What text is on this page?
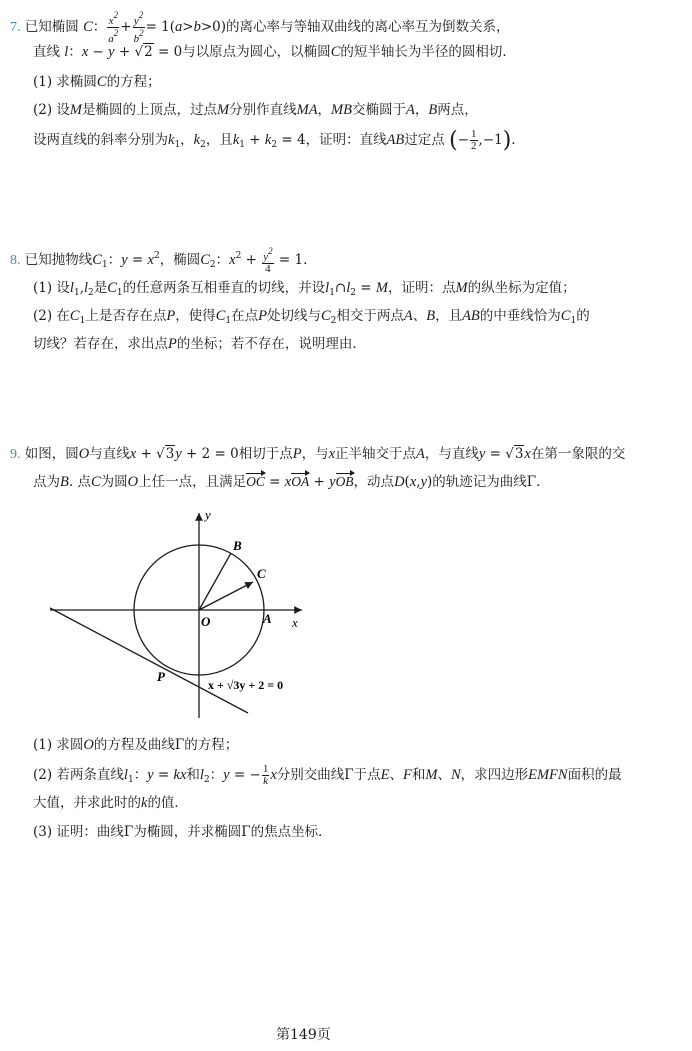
7. 已知椭圆 C： $\frac{x^2}{a^2} + \frac{y^2}{b^2} = 1(a>b>0)$的离心率与等轴双曲线的离心率互为倒数关系，
直线 l：x − y + √2 = 0与以原点为圆心，以椭圆C的短半轴长为半径的圆相切．
(1) 求椭圆C的方程；
(2) 设M是椭圆的上顶点，过点M分别作直线MA，MB交椭圆于A，B两点，
设两直线的斜率分别为$k_1$，$k_2$，且$k_1 + k_2 = 4$，证明：直线AB过定点 (− $\frac{1}{2} ,-1$).
8. 已知抛物线$C_1$：$y = x^2$，椭圆$C_2$：$x^2 + \frac{y^2}{4} = 1$.
(1) 设$l_1,l_2$是$C_1$的任意两条互相垂直的切线，并设$l_1\cap l_2 = M$，证明：点M的纵坐标为定值；
(2) 在$C_1$上是否存在点P，使得$C_1$在点P处切线与$C_2$相交于两点A、B，且AB的中垂线恰为$C_1$的
切线？若存在，求出点P的坐标；若不存在，说明理由．
9. 如图，圆O与直线x + √3y + 2 = 0相切于点P，与x正半轴交于点A，与直线y = √3x在第一象限的交
点为B. 点C为圆O上任一点，且满足OC = xOA + yOB，动点D(x,y)的轨迹记为曲线Γ．
y
x
O	A
B
C
P
x + √3y + 2 = 0
(1) 求圆O的方程及曲线Γ的方程；
(2) 若两条直线$l_1$：y = kx和$l_2$：y = − $\frac{1}{k}$ x分别交曲线Γ于点E、F和M、N，求四边形EMFN面积的最
大值，并求此时的k的值．
(3) 证明：曲线Γ为椭圆，并求椭圆Γ的焦点坐标．
第149页
